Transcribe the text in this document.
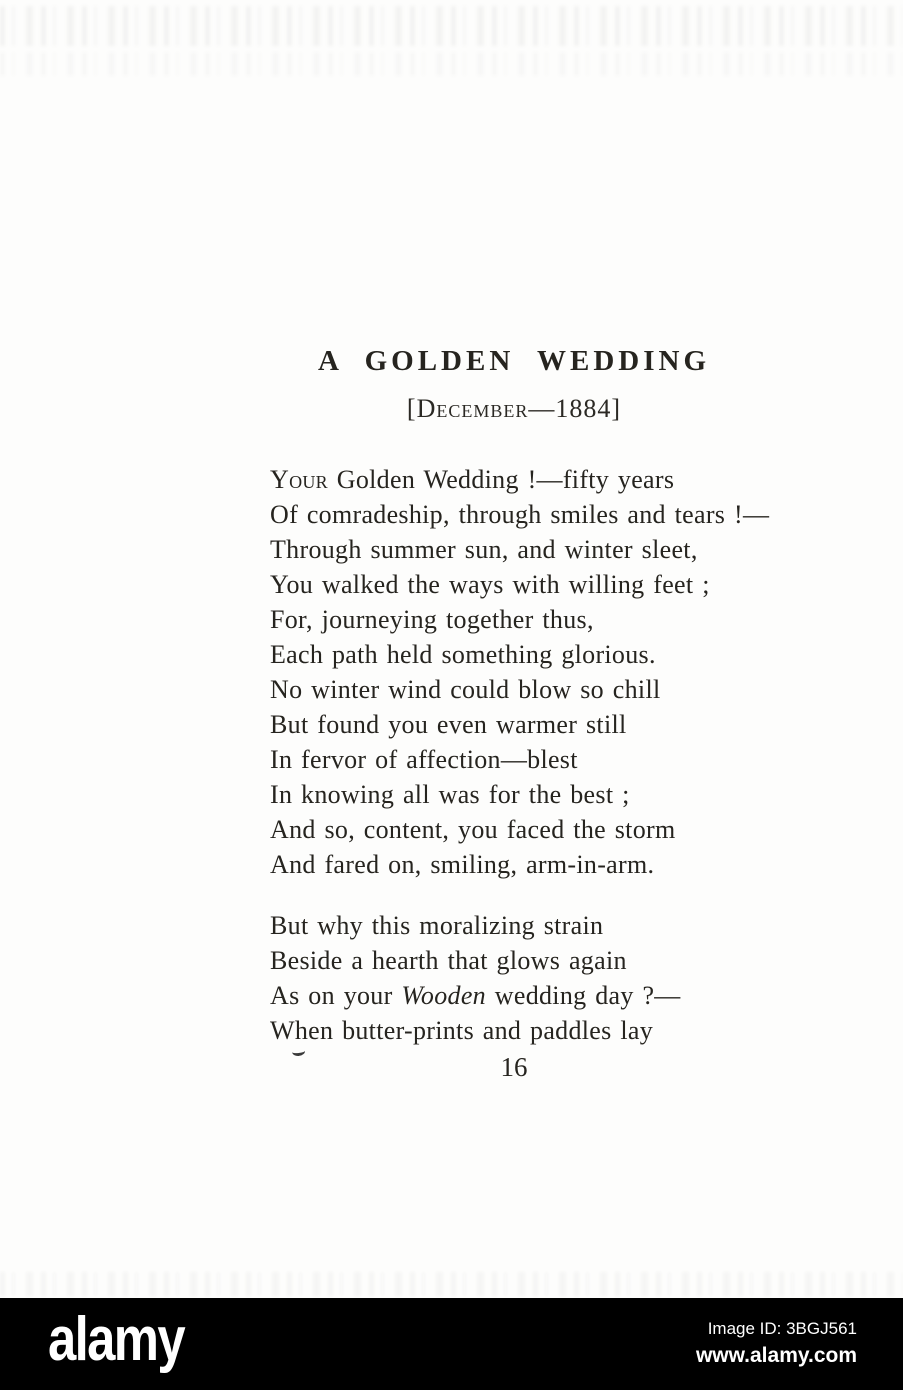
A GOLDEN WEDDING
[December—1884]
Your Golden Wedding !—fifty years
Of comradeship, through smiles and tears !—
Through summer sun, and winter sleet,
You walked the ways with willing feet ;
For, journeying together thus,
Each path held something glorious.
No winter wind could blow so chill
But found you even warmer still
In fervor of affection—blest
In knowing all was for the best ;
And so, content, you faced the storm
And fared on, smiling, arm-in-arm.
But why this moralizing strain
Beside a hearth that glows again
As on your Wooden wedding day ?—
When butter-prints and paddles lay
16
alamy	Image ID: 3BGJ561
www.alamy.com
